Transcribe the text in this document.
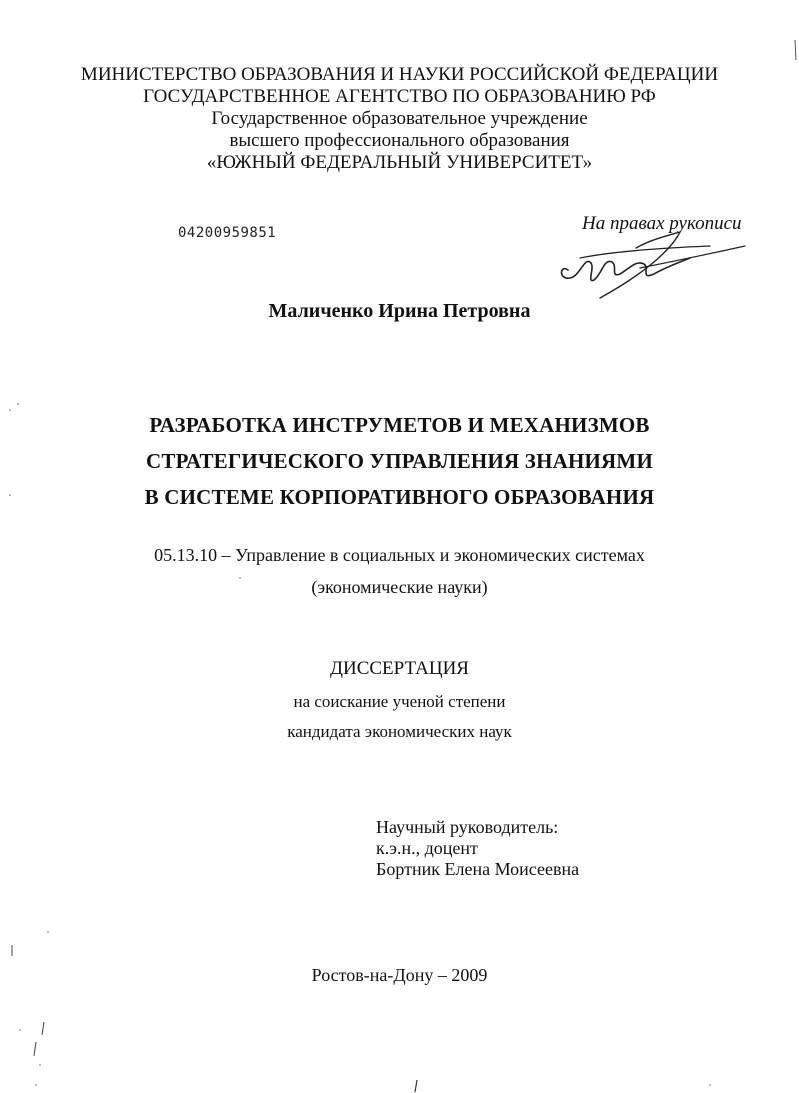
МИНИСТЕРСТВО ОБРАЗОВАНИЯ И НАУКИ РОССИЙСКОЙ ФЕДЕРАЦИИ
ГОСУДАРСТВЕННОЕ АГЕНТСТВО ПО ОБРАЗОВАНИЮ РФ
Государственное образовательное учреждение
высшего профессионального образования
«ЮЖНЫЙ ФЕДЕРАЛЬНЫЙ УНИВЕРСИТЕТ»
04200959851	На правах рукописи
Маличенко Ирина Петровна
РАЗРАБОТКА ИНСТРУМЕТОВ И МЕХАНИЗМОВ
СТРАТЕГИЧЕСКОГО УПРАВЛЕНИЯ ЗНАНИЯМИ
В СИСТЕМЕ КОРПОРАТИВНОГО ОБРАЗОВАНИЯ
05.13.10 – Управление в социальных и экономических системах
(экономические науки)
ДИССЕРТАЦИЯ
на соискание ученой степени
кандидата экономических наук
Научный руководитель:
к.э.н., доцент
Бортник Елена Моисеевна
Ростов-на-Дону – 2009
